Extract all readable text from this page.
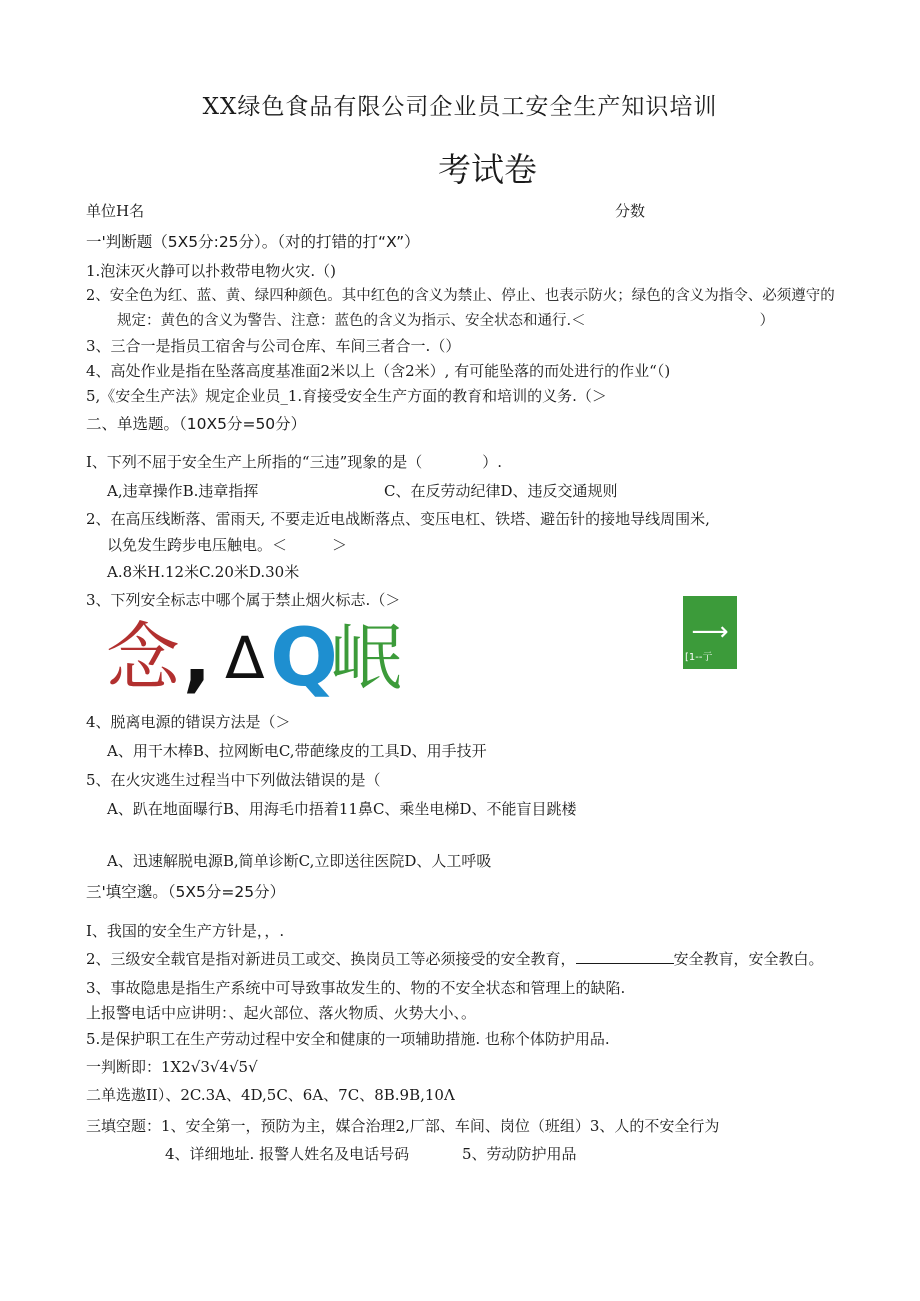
XX绿色食品有限公司企业员工安全生产知识培训
考试卷
单位H名	分数
一'判断题（5X5分:25分）。（对的打错的打“X”）
1.泡沫灭火静可以扑救带电物火灾.（)
2、安全色为红、蓝、黄、绿四种颜色。其中红色的含义为禁止、停止、也表示防火；绿色的含义为指令、必须遵守的
规定：黄色的含义为警告、注意：蓝色的含义为指示、安全状态和通行.＜　　　　　　　　　　　　）
3、三合一是指员工宿舍与公司仓库、车间三者合一.（）
4、高处作业是指在坠落高度基准面2米以上（含2米）, 有可能坠落的而处进行的作业“（)
5,《安全生产法》规定企业员_1.育接受安全生产方面的教育和培训的义务.（＞
二、单选题。（10X5分=50分）
I、下列不屈于安全生产上所指的“三违”现象的是（　　　　）.
A,违章操作B.违章指挥	C、在反劳动纪律D、违反交通规则
2、在高压线断落、雷雨天, 不要走近电战断落点、变压电杠、铁塔、避缶针的接地导线周围米,
以免发生跨步电压触电。＜　　　＞
A.8米H.12米C.20米D.30米
3、下列安全标志中哪个属于禁止烟火标志.（＞
念 , Δ Q
岷	⟶
[1--亍
4、脱离电源的错误方法是（＞
A、用干木棒B、拉网断电C,带葩缘皮的工具D、用手技开
5、在火灾逃生过程当中下列做法错误的是（
A、趴在地面曝行B、用海毛巾捂着11鼻C、乘坐电梯D、不能盲目跳楼
A、迅速解脱电源B,简单诊断C,立即送往医院D、人工呼吸
三'填空邈。（5X5分=25分）
I、我国的安全生产方针是，，.
2、三级安全载官是指对新进员工或交、换岗员工等必须接受的安全教育，	安全教肓，安全教白。
3、事故隐患是指生产系统中可导致事故发生的、物的不安全状态和管理上的缺陷.
上报警电话中应讲明：、起火部位、落火物质、火势大小、。
5.是保护职工在生产劳动过程中安全和健康的一项辅助措施. 也称个体防护用品.
一判断即：1X2√3√4√5√
二单选遨II）、2C.3A、4D,5C、6A、7C、8B.9B,10Λ
三填空题：1、安全第一，预防为主，媒合治理2,厂部、车间、岗位（班组）3、人的不安全行为
4、详细地址. 报警人姓名及电话号码	5、劳动防护用品
